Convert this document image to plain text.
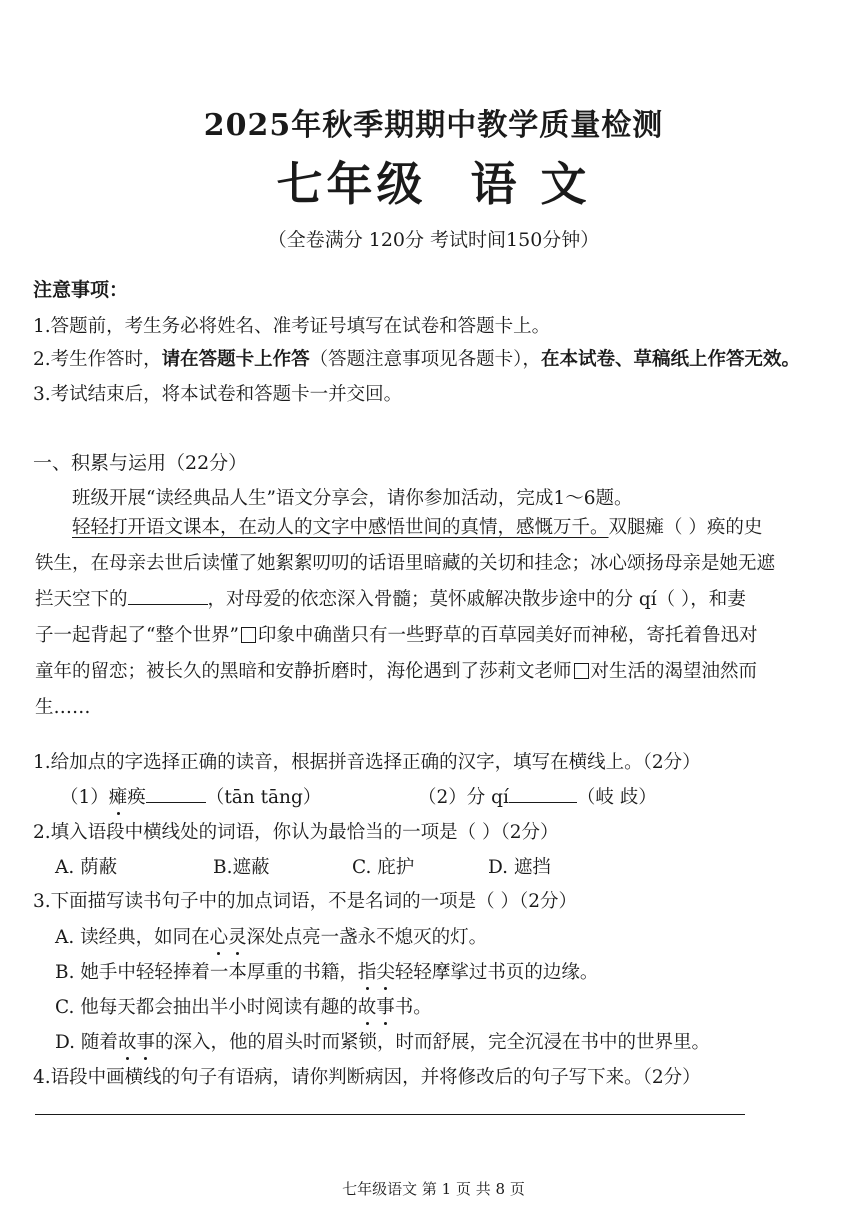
2025年秋季期期中教学质量检测
七年级 语 文
（全卷满分 120分 考试时间150分钟）
注意事项：
1.答题前，考生务必将姓名、准考证号填写在试卷和答题卡上。
2.考生作答时，请在答题卡上作答（答题注意事项见各题卡），在本试卷、草稿纸上作答无效。
3.考试结束后，将本试卷和答题卡一并交回。
一、积累与运用（22分）
班级开展“读经典品人生”语文分享会，请你参加活动，完成1～6题。
轻轻打开语文课本，在动人的文字中感悟世间的真情，感慨万千。双腿瘫（ ）痪的史
铁生，在母亲去世后读懂了她絮絮叨叨的话语里暗藏的关切和挂念；冰心颂扬母亲是她无遮
拦天空下的	，对母爱的依恋深入骨髓；莫怀戚解决散步途中的分 qí（ ），和妻
子一起背起了“整个世界” 印象中确凿只有一些野草的百草园美好而神秘，寄托着鲁迅对
童年的留恋；被长久的黑暗和安静折磨时，海伦遇到了莎莉文老师 对生活的渴望油然而
生……
1.给加点的字选择正确的读音，根据拼音选择正确的汉字，填写在横线上。（2分）
（1）瘫痪	（tān tāng）	（2）分 qí	（岐 歧）
2.填入语段中横线处的词语，你认为最恰当的一项是（ ）（2分）
A. 荫蔽	B.遮蔽	C. 庇护	D. 遮挡
3.下面描写读书句子中的加点词语，不是名词的一项是（ ）（2分）
A. 读经典，如同在心灵深处点亮一盏永不熄灭的灯。
B. 她手中轻轻捧着一本厚重的书籍，指尖轻轻摩挲过书页的边缘。
C. 他每天都会抽出半小时阅读有趣的故事书。
D. 随着故事的深入，他的眉头时而紧锁，时而舒展，完全沉浸在书中的世界里。
4.语段中画横线的句子有语病，请你判断病因，并将修改后的句子写下来。（2分）
七年级语文 第 1 页 共 8 页
